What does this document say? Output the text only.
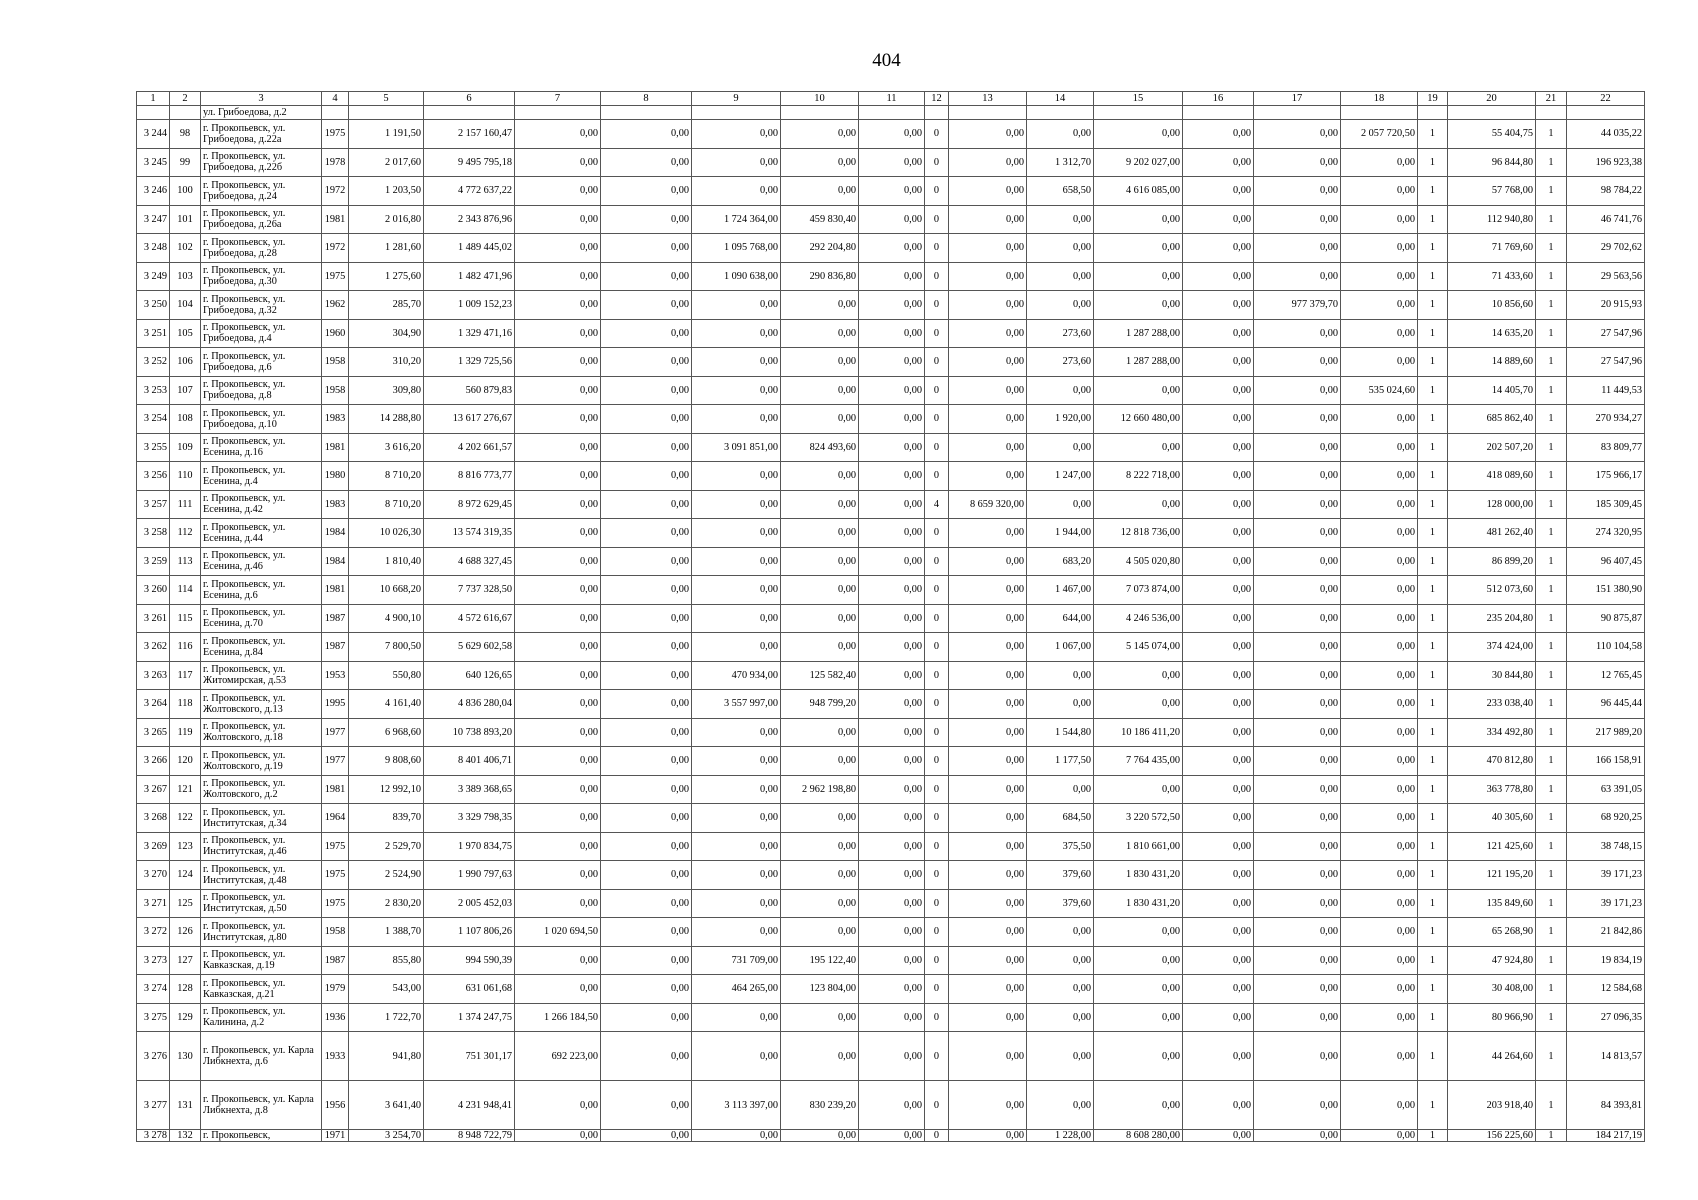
404
1	2	3	4	5	6	7	8	9	10	11	12	13	14	15	16	17	18	19	20	21	22
		ул. Грибоедова, д.2																			
3 244	98	г. Прокопьевск, ул. Грибоедова, д.22а	1975	1 191,50	2 157 160,47	0,00	0,00	0,00	0,00	0,00	0	0,00	0,00	0,00	0,00	0,00	2 057 720,50	1	55 404,75	1	44 035,22
3 245	99	г. Прокопьевск, ул. Грибоедова, д.22б	1978	2 017,60	9 495 795,18	0,00	0,00	0,00	0,00	0,00	0	0,00	1 312,70	9 202 027,00	0,00	0,00	0,00	1	96 844,80	1	196 923,38
3 246	100	г. Прокопьевск, ул. Грибоедова, д.24	1972	1 203,50	4 772 637,22	0,00	0,00	0,00	0,00	0,00	0	0,00	658,50	4 616 085,00	0,00	0,00	0,00	1	57 768,00	1	98 784,22
3 247	101	г. Прокопьевск, ул. Грибоедова, д.26а	1981	2 016,80	2 343 876,96	0,00	0,00	1 724 364,00	459 830,40	0,00	0	0,00	0,00	0,00	0,00	0,00	0,00	1	112 940,80	1	46 741,76
3 248	102	г. Прокопьевск, ул. Грибоедова, д.28	1972	1 281,60	1 489 445,02	0,00	0,00	1 095 768,00	292 204,80	0,00	0	0,00	0,00	0,00	0,00	0,00	0,00	1	71 769,60	1	29 702,62
3 249	103	г. Прокопьевск, ул. Грибоедова, д.30	1975	1 275,60	1 482 471,96	0,00	0,00	1 090 638,00	290 836,80	0,00	0	0,00	0,00	0,00	0,00	0,00	0,00	1	71 433,60	1	29 563,56
3 250	104	г. Прокопьевск, ул. Грибоедова, д.32	1962	285,70	1 009 152,23	0,00	0,00	0,00	0,00	0,00	0	0,00	0,00	0,00	0,00	977 379,70	0,00	1	10 856,60	1	20 915,93
3 251	105	г. Прокопьевск, ул. Грибоедова, д.4	1960	304,90	1 329 471,16	0,00	0,00	0,00	0,00	0,00	0	0,00	273,60	1 287 288,00	0,00	0,00	0,00	1	14 635,20	1	27 547,96
3 252	106	г. Прокопьевск, ул. Грибоедова, д.6	1958	310,20	1 329 725,56	0,00	0,00	0,00	0,00	0,00	0	0,00	273,60	1 287 288,00	0,00	0,00	0,00	1	14 889,60	1	27 547,96
3 253	107	г. Прокопьевск, ул. Грибоедова, д.8	1958	309,80	560 879,83	0,00	0,00	0,00	0,00	0,00	0	0,00	0,00	0,00	0,00	0,00	535 024,60	1	14 405,70	1	11 449,53
3 254	108	г. Прокопьевск, ул. Грибоедова, д.10	1983	14 288,80	13 617 276,67	0,00	0,00	0,00	0,00	0,00	0	0,00	1 920,00	12 660 480,00	0,00	0,00	0,00	1	685 862,40	1	270 934,27
3 255	109	г. Прокопьевск, ул. Есенина, д.16	1981	3 616,20	4 202 661,57	0,00	0,00	3 091 851,00	824 493,60	0,00	0	0,00	0,00	0,00	0,00	0,00	0,00	1	202 507,20	1	83 809,77
3 256	110	г. Прокопьевск, ул. Есенина, д.4	1980	8 710,20	8 816 773,77	0,00	0,00	0,00	0,00	0,00	0	0,00	1 247,00	8 222 718,00	0,00	0,00	0,00	1	418 089,60	1	175 966,17
3 257	111	г. Прокопьевск, ул. Есенина, д.42	1983	8 710,20	8 972 629,45	0,00	0,00	0,00	0,00	0,00	4	8 659 320,00	0,00	0,00	0,00	0,00	0,00	1	128 000,00	1	185 309,45
3 258	112	г. Прокопьевск, ул. Есенина, д.44	1984	10 026,30	13 574 319,35	0,00	0,00	0,00	0,00	0,00	0	0,00	1 944,00	12 818 736,00	0,00	0,00	0,00	1	481 262,40	1	274 320,95
3 259	113	г. Прокопьевск, ул. Есенина, д.46	1984	1 810,40	4 688 327,45	0,00	0,00	0,00	0,00	0,00	0	0,00	683,20	4 505 020,80	0,00	0,00	0,00	1	86 899,20	1	96 407,45
3 260	114	г. Прокопьевск, ул. Есенина, д.6	1981	10 668,20	7 737 328,50	0,00	0,00	0,00	0,00	0,00	0	0,00	1 467,00	7 073 874,00	0,00	0,00	0,00	1	512 073,60	1	151 380,90
3 261	115	г. Прокопьевск, ул. Есенина, д.70	1987	4 900,10	4 572 616,67	0,00	0,00	0,00	0,00	0,00	0	0,00	644,00	4 246 536,00	0,00	0,00	0,00	1	235 204,80	1	90 875,87
3 262	116	г. Прокопьевск, ул. Есенина, д.84	1987	7 800,50	5 629 602,58	0,00	0,00	0,00	0,00	0,00	0	0,00	1 067,00	5 145 074,00	0,00	0,00	0,00	1	374 424,00	1	110 104,58
3 263	117	г. Прокопьевск, ул. Житомирская, д.53	1953	550,80	640 126,65	0,00	0,00	470 934,00	125 582,40	0,00	0	0,00	0,00	0,00	0,00	0,00	0,00	1	30 844,80	1	12 765,45
3 264	118	г. Прокопьевск, ул. Жолтовского, д.13	1995	4 161,40	4 836 280,04	0,00	0,00	3 557 997,00	948 799,20	0,00	0	0,00	0,00	0,00	0,00	0,00	0,00	1	233 038,40	1	96 445,44
3 265	119	г. Прокопьевск, ул. Жолтовского, д.18	1977	6 968,60	10 738 893,20	0,00	0,00	0,00	0,00	0,00	0	0,00	1 544,80	10 186 411,20	0,00	0,00	0,00	1	334 492,80	1	217 989,20
3 266	120	г. Прокопьевск, ул. Жолтовского, д.19	1977	9 808,60	8 401 406,71	0,00	0,00	0,00	0,00	0,00	0	0,00	1 177,50	7 764 435,00	0,00	0,00	0,00	1	470 812,80	1	166 158,91
3 267	121	г. Прокопьевск, ул. Жолтовского, д.2	1981	12 992,10	3 389 368,65	0,00	0,00	0,00	2 962 198,80	0,00	0	0,00	0,00	0,00	0,00	0,00	0,00	1	363 778,80	1	63 391,05
3 268	122	г. Прокопьевск, ул. Институтская, д.34	1964	839,70	3 329 798,35	0,00	0,00	0,00	0,00	0,00	0	0,00	684,50	3 220 572,50	0,00	0,00	0,00	1	40 305,60	1	68 920,25
3 269	123	г. Прокопьевск, ул. Институтская, д.46	1975	2 529,70	1 970 834,75	0,00	0,00	0,00	0,00	0,00	0	0,00	375,50	1 810 661,00	0,00	0,00	0,00	1	121 425,60	1	38 748,15
3 270	124	г. Прокопьевск, ул. Институтская, д.48	1975	2 524,90	1 990 797,63	0,00	0,00	0,00	0,00	0,00	0	0,00	379,60	1 830 431,20	0,00	0,00	0,00	1	121 195,20	1	39 171,23
3 271	125	г. Прокопьевск, ул. Институтская, д.50	1975	2 830,20	2 005 452,03	0,00	0,00	0,00	0,00	0,00	0	0,00	379,60	1 830 431,20	0,00	0,00	0,00	1	135 849,60	1	39 171,23
3 272	126	г. Прокопьевск, ул. Институтская, д.80	1958	1 388,70	1 107 806,26	1 020 694,50	0,00	0,00	0,00	0,00	0	0,00	0,00	0,00	0,00	0,00	0,00	1	65 268,90	1	21 842,86
3 273	127	г. Прокопьевск, ул. Кавказская, д.19	1987	855,80	994 590,39	0,00	0,00	731 709,00	195 122,40	0,00	0	0,00	0,00	0,00	0,00	0,00	0,00	1	47 924,80	1	19 834,19
3 274	128	г. Прокопьевск, ул. Кавказская, д.21	1979	543,00	631 061,68	0,00	0,00	464 265,00	123 804,00	0,00	0	0,00	0,00	0,00	0,00	0,00	0,00	1	30 408,00	1	12 584,68
3 275	129	г. Прокопьевск, ул. Калинина, д.2	1936	1 722,70	1 374 247,75	1 266 184,50	0,00	0,00	0,00	0,00	0	0,00	0,00	0,00	0,00	0,00	0,00	1	80 966,90	1	27 096,35
3 276	130	г. Прокопьевск, ул. Карла Либкнехта, д.6	1933	941,80	751 301,17	692 223,00	0,00	0,00	0,00	0,00	0	0,00	0,00	0,00	0,00	0,00	0,00	1	44 264,60	1	14 813,57
3 277	131	г. Прокопьевск, ул. Карла Либкнехта, д.8	1956	3 641,40	4 231 948,41	0,00	0,00	3 113 397,00	830 239,20	0,00	0	0,00	0,00	0,00	0,00	0,00	0,00	1	203 918,40	1	84 393,81
3 278	132	г. Прокопьевск,	1971	3 254,70	8 948 722,79	0,00	0,00	0,00	0,00	0,00	0	0,00	1 228,00	8 608 280,00	0,00	0,00	0,00	1	156 225,60	1	184 217,19
